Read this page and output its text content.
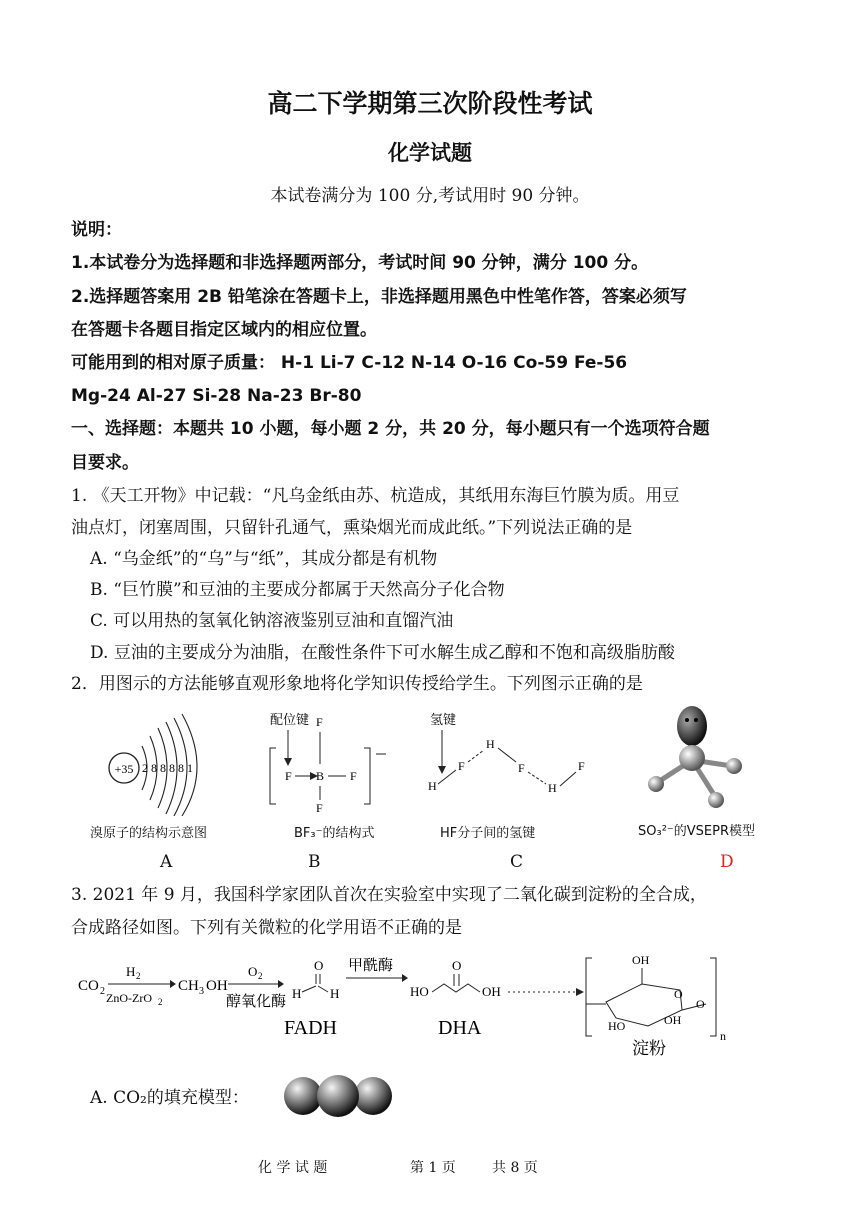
高二下学期第三次阶段性考试
化学试题
本试卷满分为 100 分,考试用时 90 分钟。
说明：
1.本试卷分为选择题和非选择题两部分，考试时间 90 分钟，满分 100 分。
2.选择题答案用 2B 铅笔涂在答题卡上，非选择题用黑色中性笔作答，答案必须写
在答题卡各题目指定区域内的相应位置。
可能用到的相对原子质量： H-1 Li-7 C-12 N-14 O-16 Co-59 Fe-56
Mg-24 Al-27 Si-28 Na-23 Br-80
一、选择题：本题共 10 小题，每小题 2 分，共 20 分，每小题只有一个选项符合题
目要求。
1. 《天工开物》中记载：“凡乌金纸由苏、杭造成，其纸用东海巨竹膜为质。用豆
油点灯，闭塞周围，只留针孔通气，熏染烟光而成此纸。”下列说法正确的是
A. “乌金纸”的“乌”与“纸”，其成分都是有机物
B. “巨竹膜”和豆油的主要成分都属于天然高分子化合物
C. 可以用热的氢氧化钠溶液鉴别豆油和直馏汽油
D. 豆油的主要成分为油脂，在酸性条件下可水解生成乙醇和不饱和高级脂肪酸
2．用图示的方法能够直观形象地将化学知识传授给学生。下列图示正确的是
+35 2 8 8 8 8 1
溴原子的结构示意图
A
配位键 F
F B F
F
BF₃⁻的结构式
B
氢键
H
F
H
F
H
F
HF分子间的氢键
C
SO₃²⁻的VSEPR模型
D
3. 2021 年 9 月，我国科学家团队首次在实验室中实现了二氧化碳到淀粉的全合成，
合成路径如图。下列有关微粒的化学用语不正确的是
CO 2
H 2
ZnO-ZrO 2
CH 3 OH
O 2
醇氧化酶
O
H H
FADH
甲酰酶
HO
O
OH
DHA	n
OH
HO	OH
O
O
淀粉
A. CO₂的填充模型：
化 学 试 题	第 1 页	共 8 页
